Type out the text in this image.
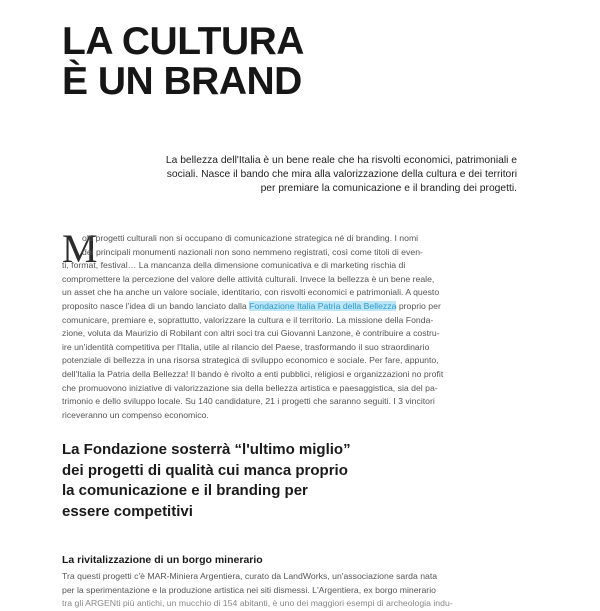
LA CULTURA
È UN BRAND

La bellezza dell'Italia è un bene reale che ha risvolti economici, patrimoniali e
sociali. Nasce il bando che mira alla valorizzazione della cultura e dei territori
per premiare la comunicazione e il branding dei progetti.

M
olti progetti culturali non si occupano di comunicazione strategica né di branding. I nomi
dei principali monumenti nazionali non sono nemmeno registrati, così come titoli di even-
ti, format, festival… La mancanza della dimensione comunicativa e di marketing rischia di
compromettere la percezione del valore delle attività culturali. Invece la bellezza è un bene reale,
un asset che ha anche un valore sociale, identitario, con risvolti economici e patrimoniali. A questo
proposito nasce l'idea di un bando lanciato dalla Fondazione Italia Patria della Bellezza proprio per
comunicare, premiare e, soprattutto, valorizzare la cultura e il territorio. La missione della Fonda-
zione, voluta da Maurizio di Robilant con altri soci tra cui Giovanni Lanzone, è contribuire a costru-
ire un'identità competitiva per l'Italia, utile al rilancio del Paese, trasformando il suo straordinario
potenziale di bellezza in una risorsa strategica di sviluppo economico e sociale. Per fare, appunto,
dell'Italia la Patria della Bellezza! Il bando è rivolto a enti pubblici, religiosi e organizzazioni no profit
che promuovono iniziative di valorizzazione sia della bellezza artistica e paesaggistica, sia del pa-
trimonio e dello sviluppo locale. Su 140 candidature, 21 i progetti che saranno seguiti. I 3 vincitori
riceveranno un compenso economico.
La Fondazione sosterrà “l'ultimo miglio”
dei progetti di qualità cui manca proprio
la comunicazione e il branding per
essere competitivi
La rivitalizzazione di un borgo minerario
Tra questi progetti c'è MAR-Miniera Argentiera, curato da LandWorks, un'associazione sarda nata
per la sperimentazione e la produzione artistica nei siti dismessi. L'Argentiera, ex borgo minerario
tra gli ARGENti più antichi, un mucchio di 154 abitanti, è uno dei maggiori esempi di archeologia indu-
